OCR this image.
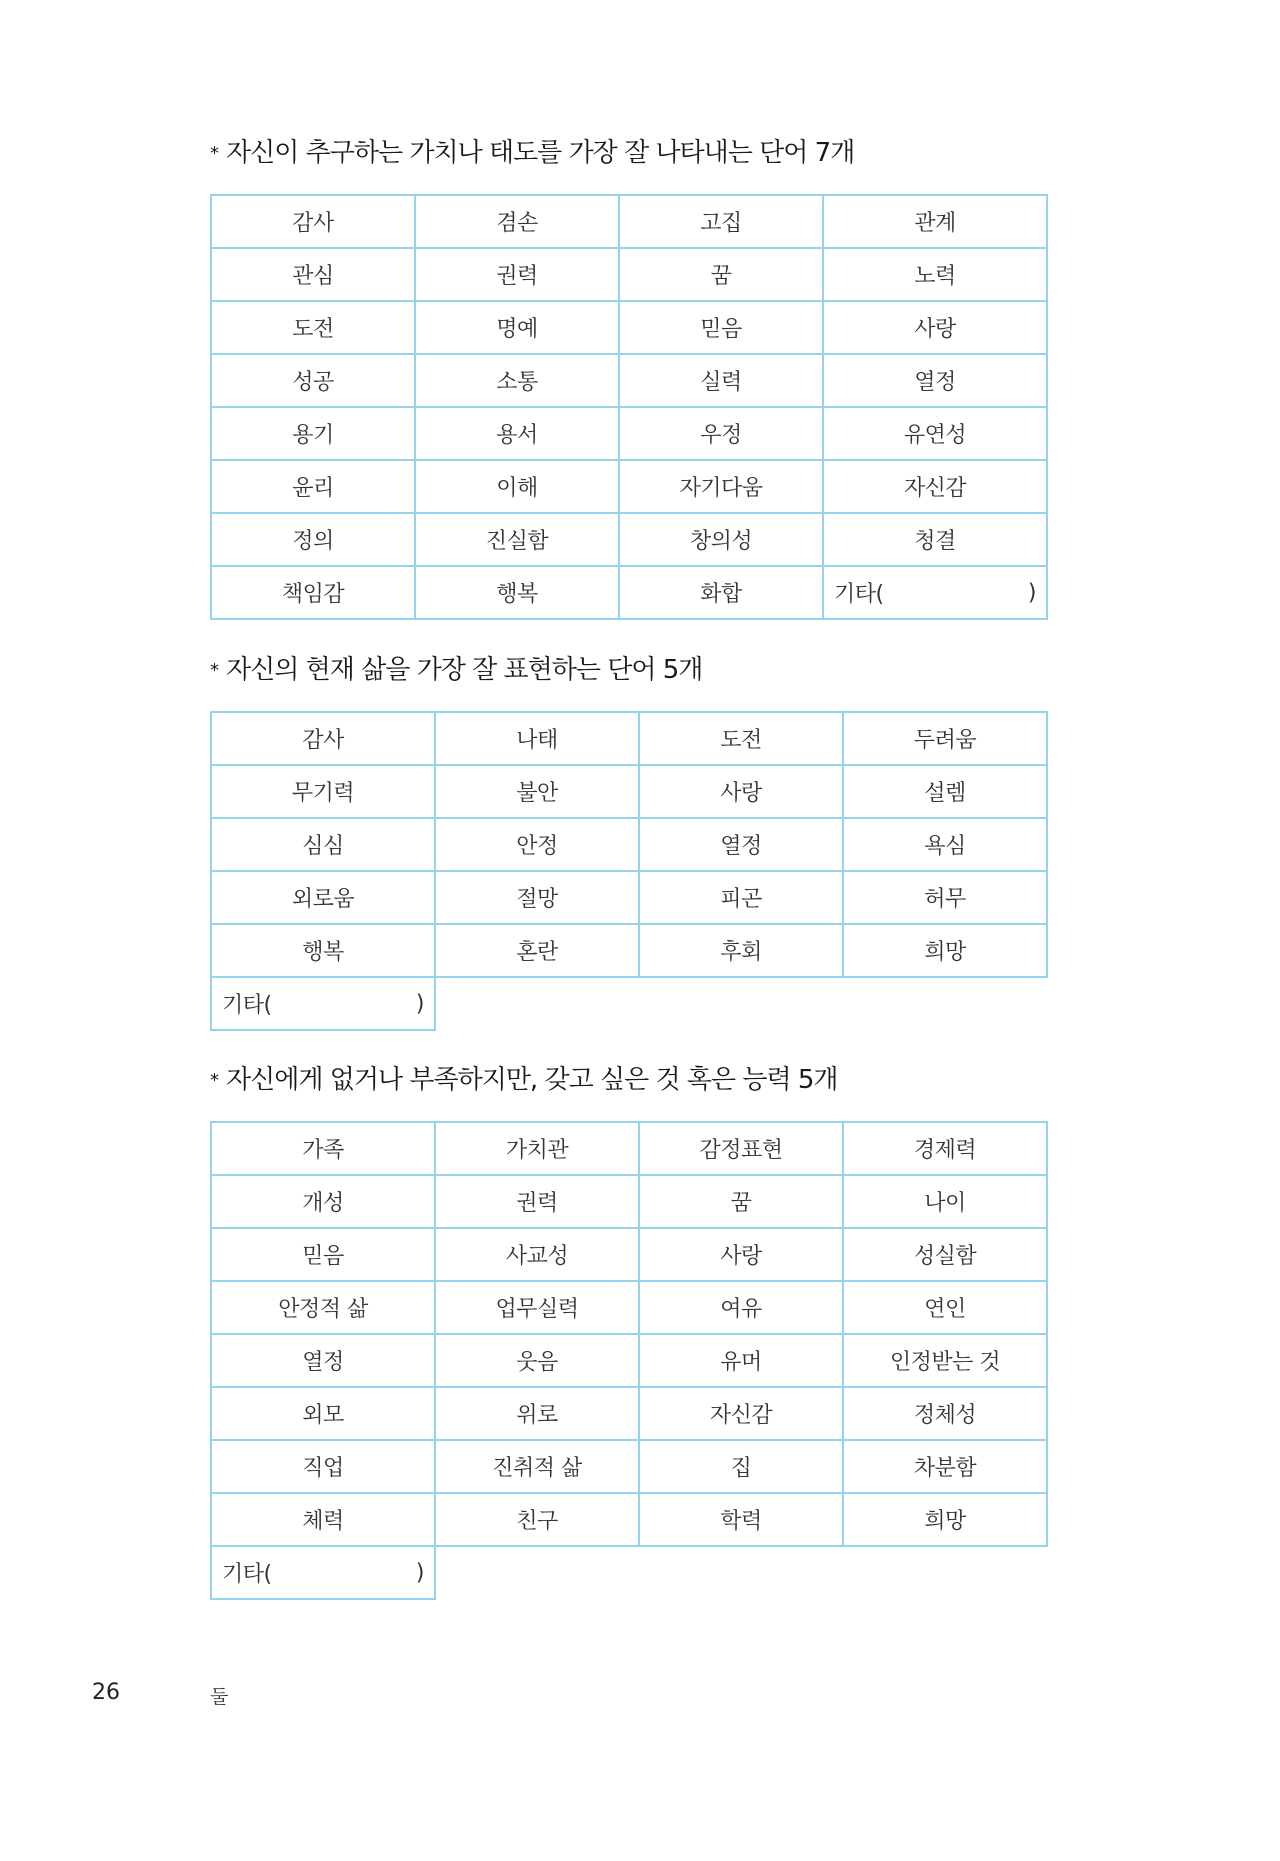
* 자신이 추구하는 가치나 태도를 가장 잘 나타내는 단어 7개
감사	겸손	고집	관계
관심	권력	꿈	노력
도전	명예	믿음	사랑
성공	소통	실력	열정
용기	용서	우정	유연성
윤리	이해	자기다움	자신감
정의	진실함	창의성	청결
책임감	행복	화합	기타( )
* 자신의 현재 삶을 가장 잘 표현하는 단어 5개
감사	나태	도전	두려움
무기력	불안	사랑	설렘
심심	안정	열정	욕심
외로움	절망	피곤	허무
행복	혼란	후회	희망
기타( )			

* 자신에게 없거나 부족하지만, 갖고 싶은 것 혹은 능력 5개
가족	가치관	감정표현	경제력
개성	권력	꿈	나이
믿음	사교성	사랑	성실함
안정적 삶	업무실력	여유	연인
열정	웃음	유머	인정받는 것
외모	위로	자신감	정체성
직업	진취적 삶	집	차분함
체력	친구	학력	희망
기타( )			

26	둘
